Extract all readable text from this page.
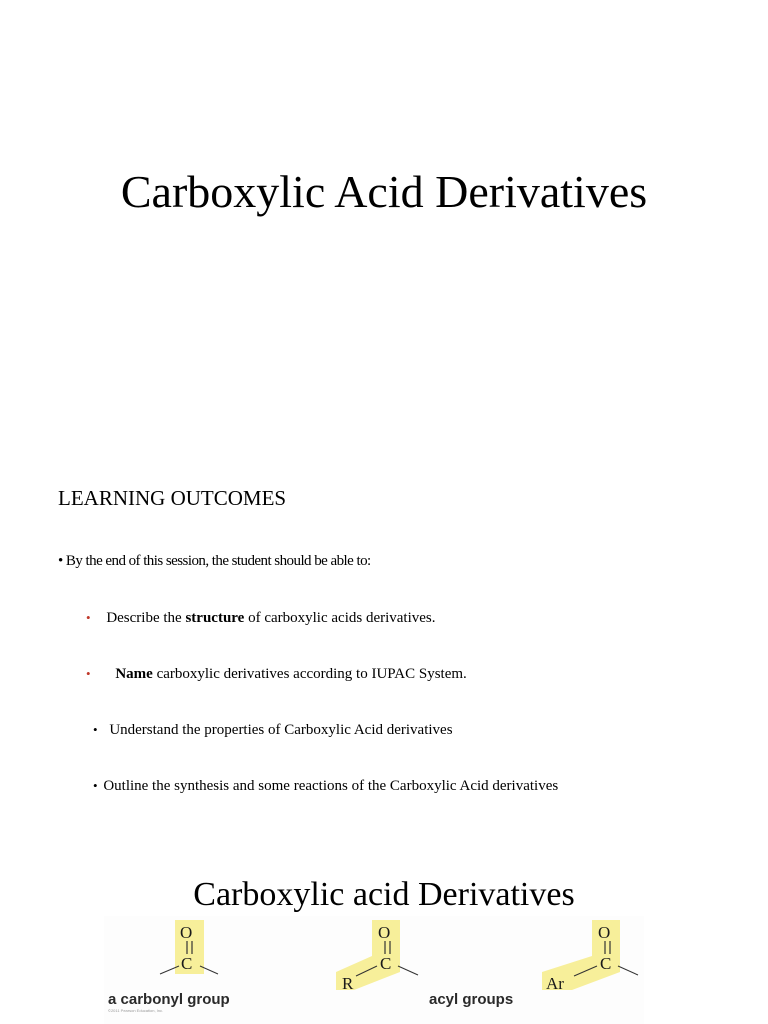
Carboxylic Acid Derivatives
LEARNING OUTCOMES
• By the end of this session, the student should be able to:
• Describe the structure of carboxylic acids derivatives.
• Name carboxylic derivatives according to IUPAC System.
• Understand the properties of Carboxylic Acid derivatives
• Outline the synthesis and some reactions of the Carboxylic Acid derivatives
Carboxylic acid Derivatives
O
C
O
C
R
O
C
Ar
a carbonyl group	acyl groups
©2011 Pearson Education, Inc.
